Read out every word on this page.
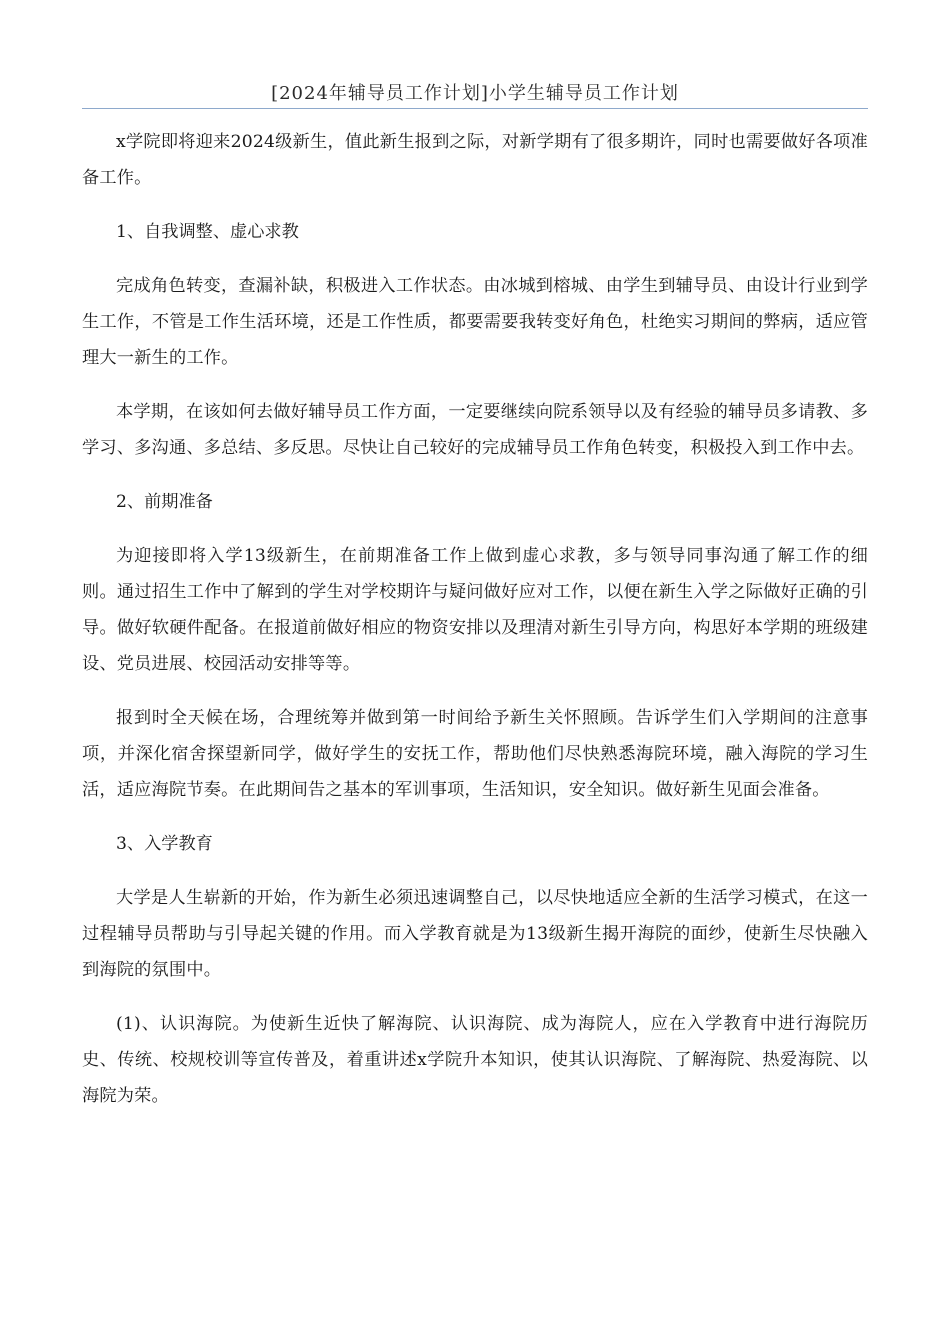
[2024年辅导员工作计划]小学生辅导员工作计划

x学院即将迎来2024级新生，值此新生报到之际，对新学期有了很多期许，同时也需要做好各项准备工作。

1、自我调整、虚心求教

完成角色转变，查漏补缺，积极进入工作状态。由冰城到榕城、由学生到辅导员、由设计行业到学生工作，不管是工作生活环境，还是工作性质，都要需要我转变好角色，杜绝实习期间的弊病，适应管理大一新生的工作。

本学期，在该如何去做好辅导员工作方面，一定要继续向院系领导以及有经验的辅导员多请教、多学习、多沟通、多总结、多反思。尽快让自己较好的完成辅导员工作角色转变，积极投入到工作中去。

2、前期准备

为迎接即将入学13级新生，在前期准备工作上做到虚心求教，多与领导同事沟通了解工作的细则。通过招生工作中了解到的学生对学校期许与疑问做好应对工作，以便在新生入学之际做好正确的引导。做好软硬件配备。在报道前做好相应的物资安排以及理清对新生引导方向，构思好本学期的班级建设、党员进展、校园活动安排等等。

报到时全天候在场，合理统筹并做到第一时间给予新生关怀照顾。告诉学生们入学期间的注意事项，并深化宿舍探望新同学，做好学生的安抚工作，帮助他们尽快熟悉海院环境，融入海院的学习生活，适应海院节奏。在此期间告之基本的军训事项，生活知识，安全知识。做好新生见面会准备。

3、入学教育

大学是人生崭新的开始，作为新生必须迅速调整自己，以尽快地适应全新的生活学习模式，在这一过程辅导员帮助与引导起关键的作用。而入学教育就是为13级新生揭开海院的面纱，使新生尽快融入到海院的氛围中。

(1)、认识海院。为使新生近快了解海院、认识海院、成为海院人，应在入学教育中进行海院历史、传统、校规校训等宣传普及，着重讲述x学院升本知识，使其认识海院、了解海院、热爱海院、以海院为荣。
